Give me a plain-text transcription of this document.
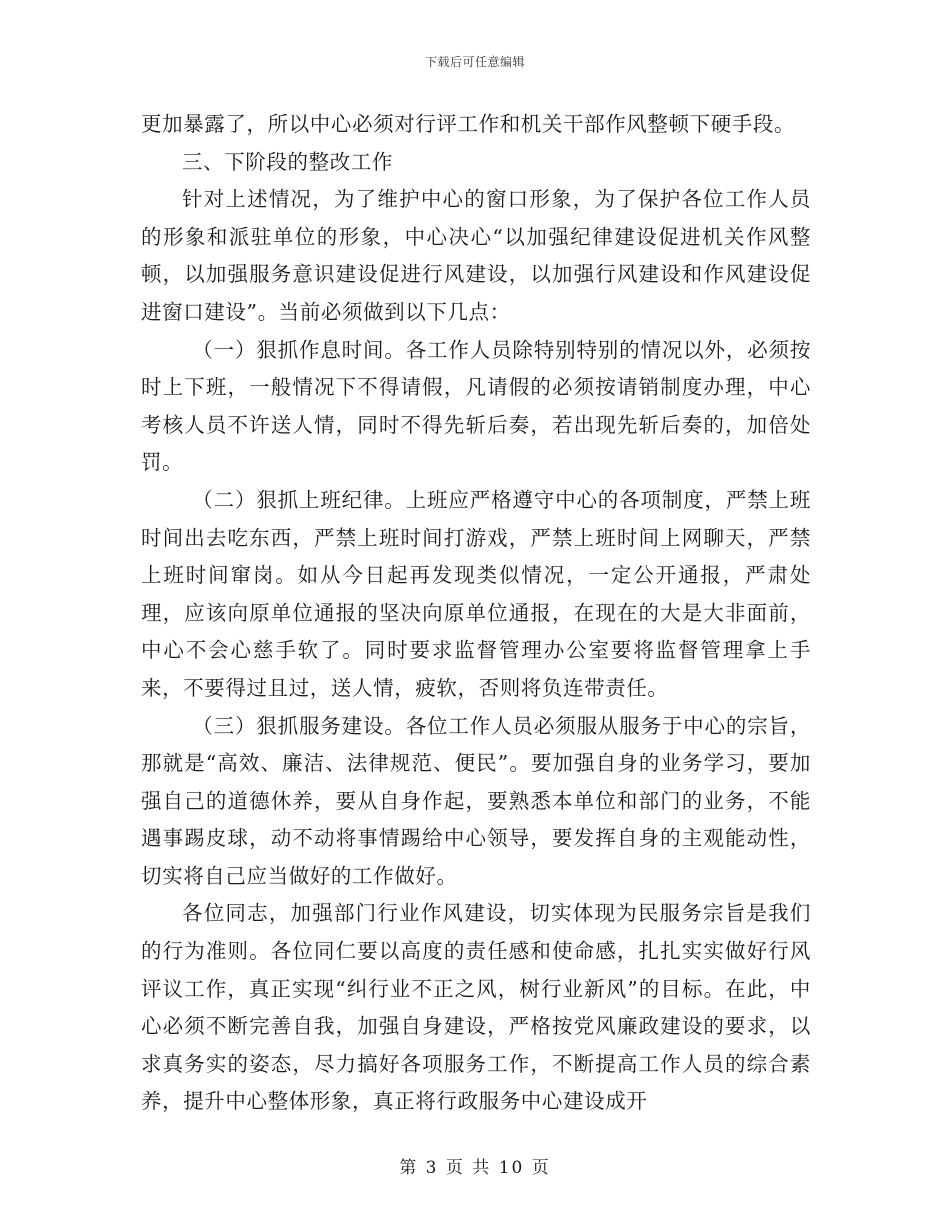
下载后可任意编辑

更加暴露了，所以中心必须对行评工作和机关干部作风整顿下硬手段。

三、下阶段的整改工作

针对上述情况，为了维护中心的窗口形象，为了保护各位工作人员的形象和派驻单位的形象，中心决心“以加强纪律建设促进机关作风整顿，以加强服务意识建设促进行风建设，以加强行风建设和作风建设促进窗口建设”。当前必须做到以下几点：

（一）狠抓作息时间。各工作人员除特别特别的情况以外，必须按时上下班，一般情况下不得请假，凡请假的必须按请销制度办理，中心考核人员不许送人情，同时不得先斩后奏，若出现先斩后奏的，加倍处罚。

（二）狠抓上班纪律。上班应严格遵守中心的各项制度，严禁上班时间出去吃东西，严禁上班时间打游戏，严禁上班时间上网聊天，严禁上班时间窜岗。如从今日起再发现类似情况，一定公开通报，严肃处理，应该向原单位通报的坚决向原单位通报，在现在的大是大非面前，中心不会心慈手软了。同时要求监督管理办公室要将监督管理拿上手来，不要得过且过，送人情，疲软，否则将负连带责任。

（三）狠抓服务建设。各位工作人员必须服从服务于中心的宗旨，那就是“高效、廉洁、法律规范、便民”。要加强自身的业务学习，要加强自己的道德休养，要从自身作起，要熟悉本单位和部门的业务，不能遇事踢皮球，动不动将事情踢给中心领导，要发挥自身的主观能动性，切实将自己应当做好的工作做好。

各位同志，加强部门行业作风建设，切实体现为民服务宗旨是我们的行为准则。各位同仁要以高度的责任感和使命感，扎扎实实做好行风评议工作，真正实现“纠行业不正之风，树行业新风”的目标。在此，中心必须不断完善自我，加强自身建设，严格按党风廉政建设的要求，以求真务实的姿态，尽力搞好各项服务工作，不断提高工作人员的综合素养，提升中心整体形象，真正将行政服务中心建设成开

第 3 页 共 10 页
